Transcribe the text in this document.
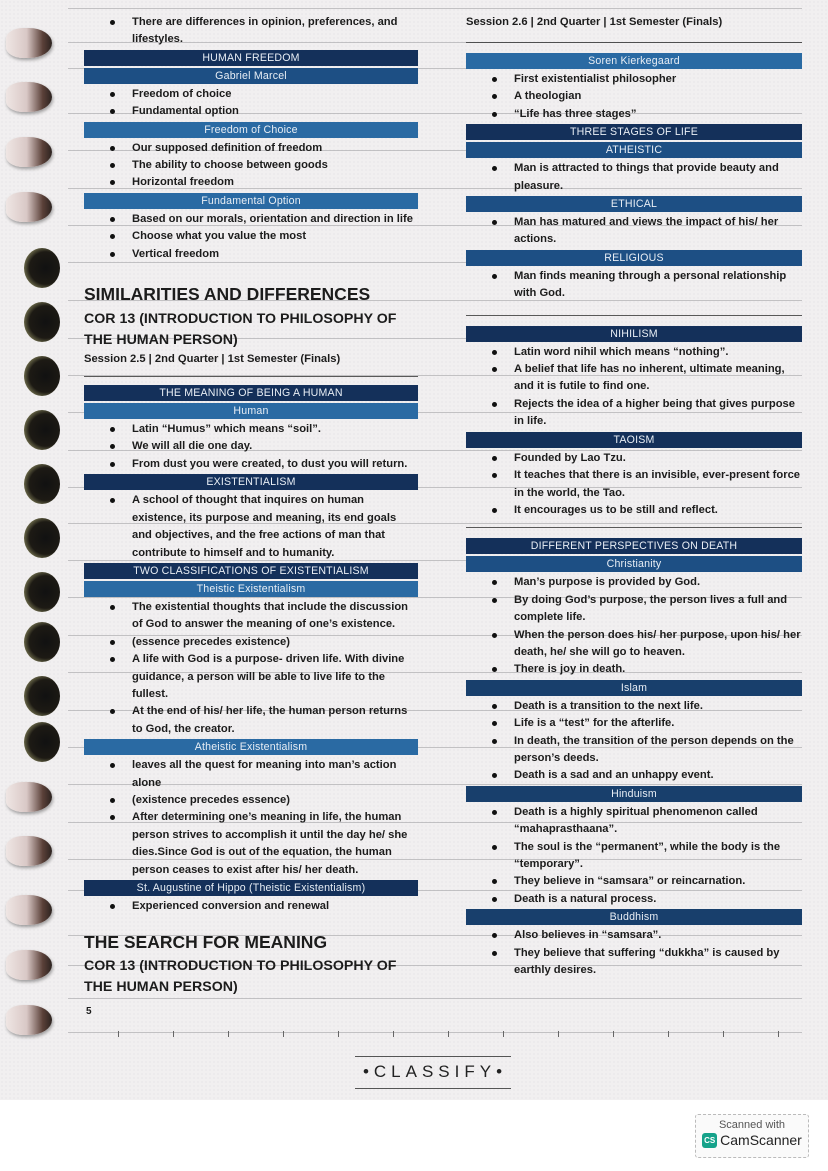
There are differences in opinion, preferences, and lifestyles.
HUMAN FREEDOM
Gabriel Marcel
Freedom of choice
Fundamental option
Freedom of Choice
Our supposed definition of freedom
The ability to choose between goods
Horizontal freedom
Fundamental Option
Based on our morals, orientation and direction in life
Choose what you value the most
Vertical freedom

SIMILARITIES AND DIFFERENCES

COR 13 (INTRODUCTION TO PHILOSOPHY OF THE HUMAN PERSON)

Session 2.5 | 2nd Quarter | 1st Semester (Finals)
THE MEANING OF BEING A HUMAN
Human
Latin “Humus” which means “soil”.
We will all die one day.
From dust you were created, to dust you will return.
EXISTENTIALISM
A school of thought that inquires on human existence, its purpose and meaning, its end goals and objectives, and the free actions of man that contribute to himself and to humanity.
TWO CLASSIFICATIONS OF EXISTENTIALISM
Theistic Existentialism
The existential thoughts that include the discussion of God to answer the meaning of one’s existence.
(essence precedes existence)
A life with God is a purpose- driven life. With divine guidance, a person will be able to live life to the fullest.
At the end of his/ her life, the human person returns to God, the creator.
Atheistic Existentialism
leaves all the quest for meaning into man’s action alone
(existence precedes essence)
After determining one’s meaning in life, the human person strives to accomplish it until the day he/ she dies.Since God is out of the equation, the human person ceases to exist after his/ her death.
St. Augustine of Hippo (Theistic Existentialism)
Experienced conversion and renewal

THE SEARCH FOR MEANING

COR 13 (INTRODUCTION TO PHILOSOPHY OF THE HUMAN PERSON)

Session 2.6 | 2nd Quarter | 1st Semester (Finals)
Soren Kierkegaard
First existentialist philosopher
A theologian
“Life has three stages”
THREE STAGES OF LIFE
ATHEISTIC
Man is attracted to things that provide beauty and pleasure.
ETHICAL
Man has matured and views the impact of his/ her actions.
RELIGIOUS
Man finds meaning through a personal relationship with God.
NIHILISM
Latin word nihil which means “nothing”.
A belief that life has no inherent, ultimate meaning, and it is futile to find one.
Rejects the idea of a higher being that gives purpose in life.
TAOISM
Founded by Lao Tzu.
It teaches that there is an invisible, ever-present force in the world, the Tao.
It encourages us to be still and reflect.
DIFFERENT PERSPECTIVES ON DEATH
Christianity
Man’s purpose is provided by God.
By doing God’s purpose, the person lives a full and complete life.
When the person does his/ her purpose, upon his/ her death, he/ she will go to heaven.
There is joy in death.
Islam
Death is a transition to the next life.
Life is a “test” for the afterlife.
In death, the transition of the person depends on the person’s deeds.
Death is a sad and an unhappy event.
Hinduism
Death is a highly spiritual phenomenon called “mahaprasthaana”.
The soul is the “permanent”, while the body is the “temporary”.
They believe in “samsara” or reincarnation.
Death is a natural process.
Buddhism
Also believes in “samsara”.
They believe that suffering “dukkha” is caused by earthly desires.
5
•CLASSIFY•
Scanned with
CS CamScanner
